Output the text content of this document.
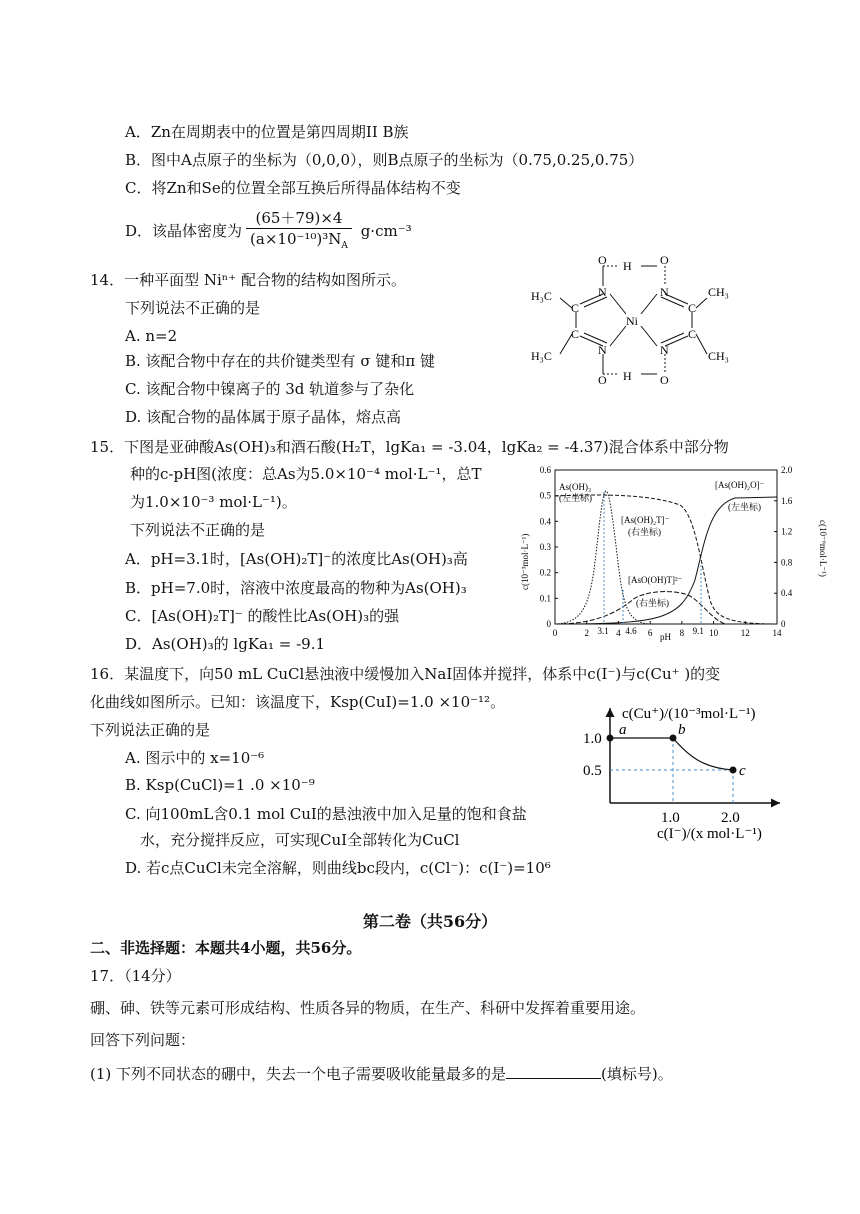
A．Zn在周期表中的位置是第四周期II B族
B．图中A点原子的坐标为（0,0,0），则B点原子的坐标为（0.75,0.25,0.75）
C．将Zn和Se的位置全部互换后所得晶体结构不变
D．该晶体密度为 $\frac{(65+79)\times 4}{(a\times 10^{-10})^3N_A} g\cdot cm^{-3}$
14．一种平面型 Niⁿ⁺ 配合物的结构如图所示。
下列说法不正确的是
A. n=2
B. 该配合物中存在的共价键类型有 σ 键和π 键
C. 该配合物中镍离子的 3d 轨道参与了杂化
D. 该配合物的晶体属于原子晶体，熔点高
O H O
N	N
Ni
C
C
C
C
N	N
O H O
H₃C
H₃C
CH₃
CH₃
15．下图是亚砷酸As(OH)₃和酒石酸(H₂T，lgKa₁ = -3.04，lgKa₂ = -4.37)混合体系中部分物
种的c-pH图(浓度：总As为5.0×10⁻⁴ mol·L⁻¹，总T
为1.0×10⁻³ mol·L⁻¹)。
下列说法不正确的是
A．pH=3.1时，[As(OH)₂T]⁻的浓度比As(OH)₃高
B．pH=7.0时，溶液中浓度最高的物种为As(OH)₃
C．[As(OH)₂T]⁻ 的酸性比As(OH)₃的强
D．As(OH)₃的 lgKa₁ = -9.1
0
0.1
0.2
0.3
0.4
0.5
0.6
0
0.4
0.8
1.2
1.6
2.0
0	2	4	6	8	10	12	14
3.1 4.6	9.1
As(OH)₃
(左坐标)
[As(OH)₂T]⁻
(右坐标)
[As(OH)₂O]⁻
(左坐标)
[AsO(OH)T]²⁻
(右坐标)
pH
c(10⁻³mol·L⁻¹)	c(10⁻⁶mol·L⁻¹)
16．某温度下，向50 mL CuCl悬浊液中缓慢加入NaI固体并搅拌，体系中c(I⁻)与c(Cu⁺ )的变
化曲线如图所示。已知：该温度下，Ksp(CuI)=1.0 ×10⁻¹²。
下列说法正确的是
A. 图示中的 x=10⁻⁶
B. Ksp(CuCl)=1 .0 ×10⁻⁹
C. 向100mL含0.1 mol CuI的悬浊液中加入足量的饱和食盐
水，充分搅拌反应，可实现CuI全部转化为CuCl
D. 若c点CuCl未完全溶解，则曲线bc段内，c(Cl⁻)：c(I⁻)=10⁶
a	b
c
1.0
0.5
1.0	2.0
c(Cu⁺)/(10⁻³mol·L⁻¹)
c(I⁻)/(x mol·L⁻¹)
第二卷（共56分）
二、非选择题：本题共4小题，共56分。
17．（14分）
硼、砷、铁等元素可形成结构、性质各异的物质，在生产、科研中发挥着重要用途。
回答下列问题：
(1) 下列不同状态的硼中，失去一个电子需要吸收能量最多的是	(填标号)。
